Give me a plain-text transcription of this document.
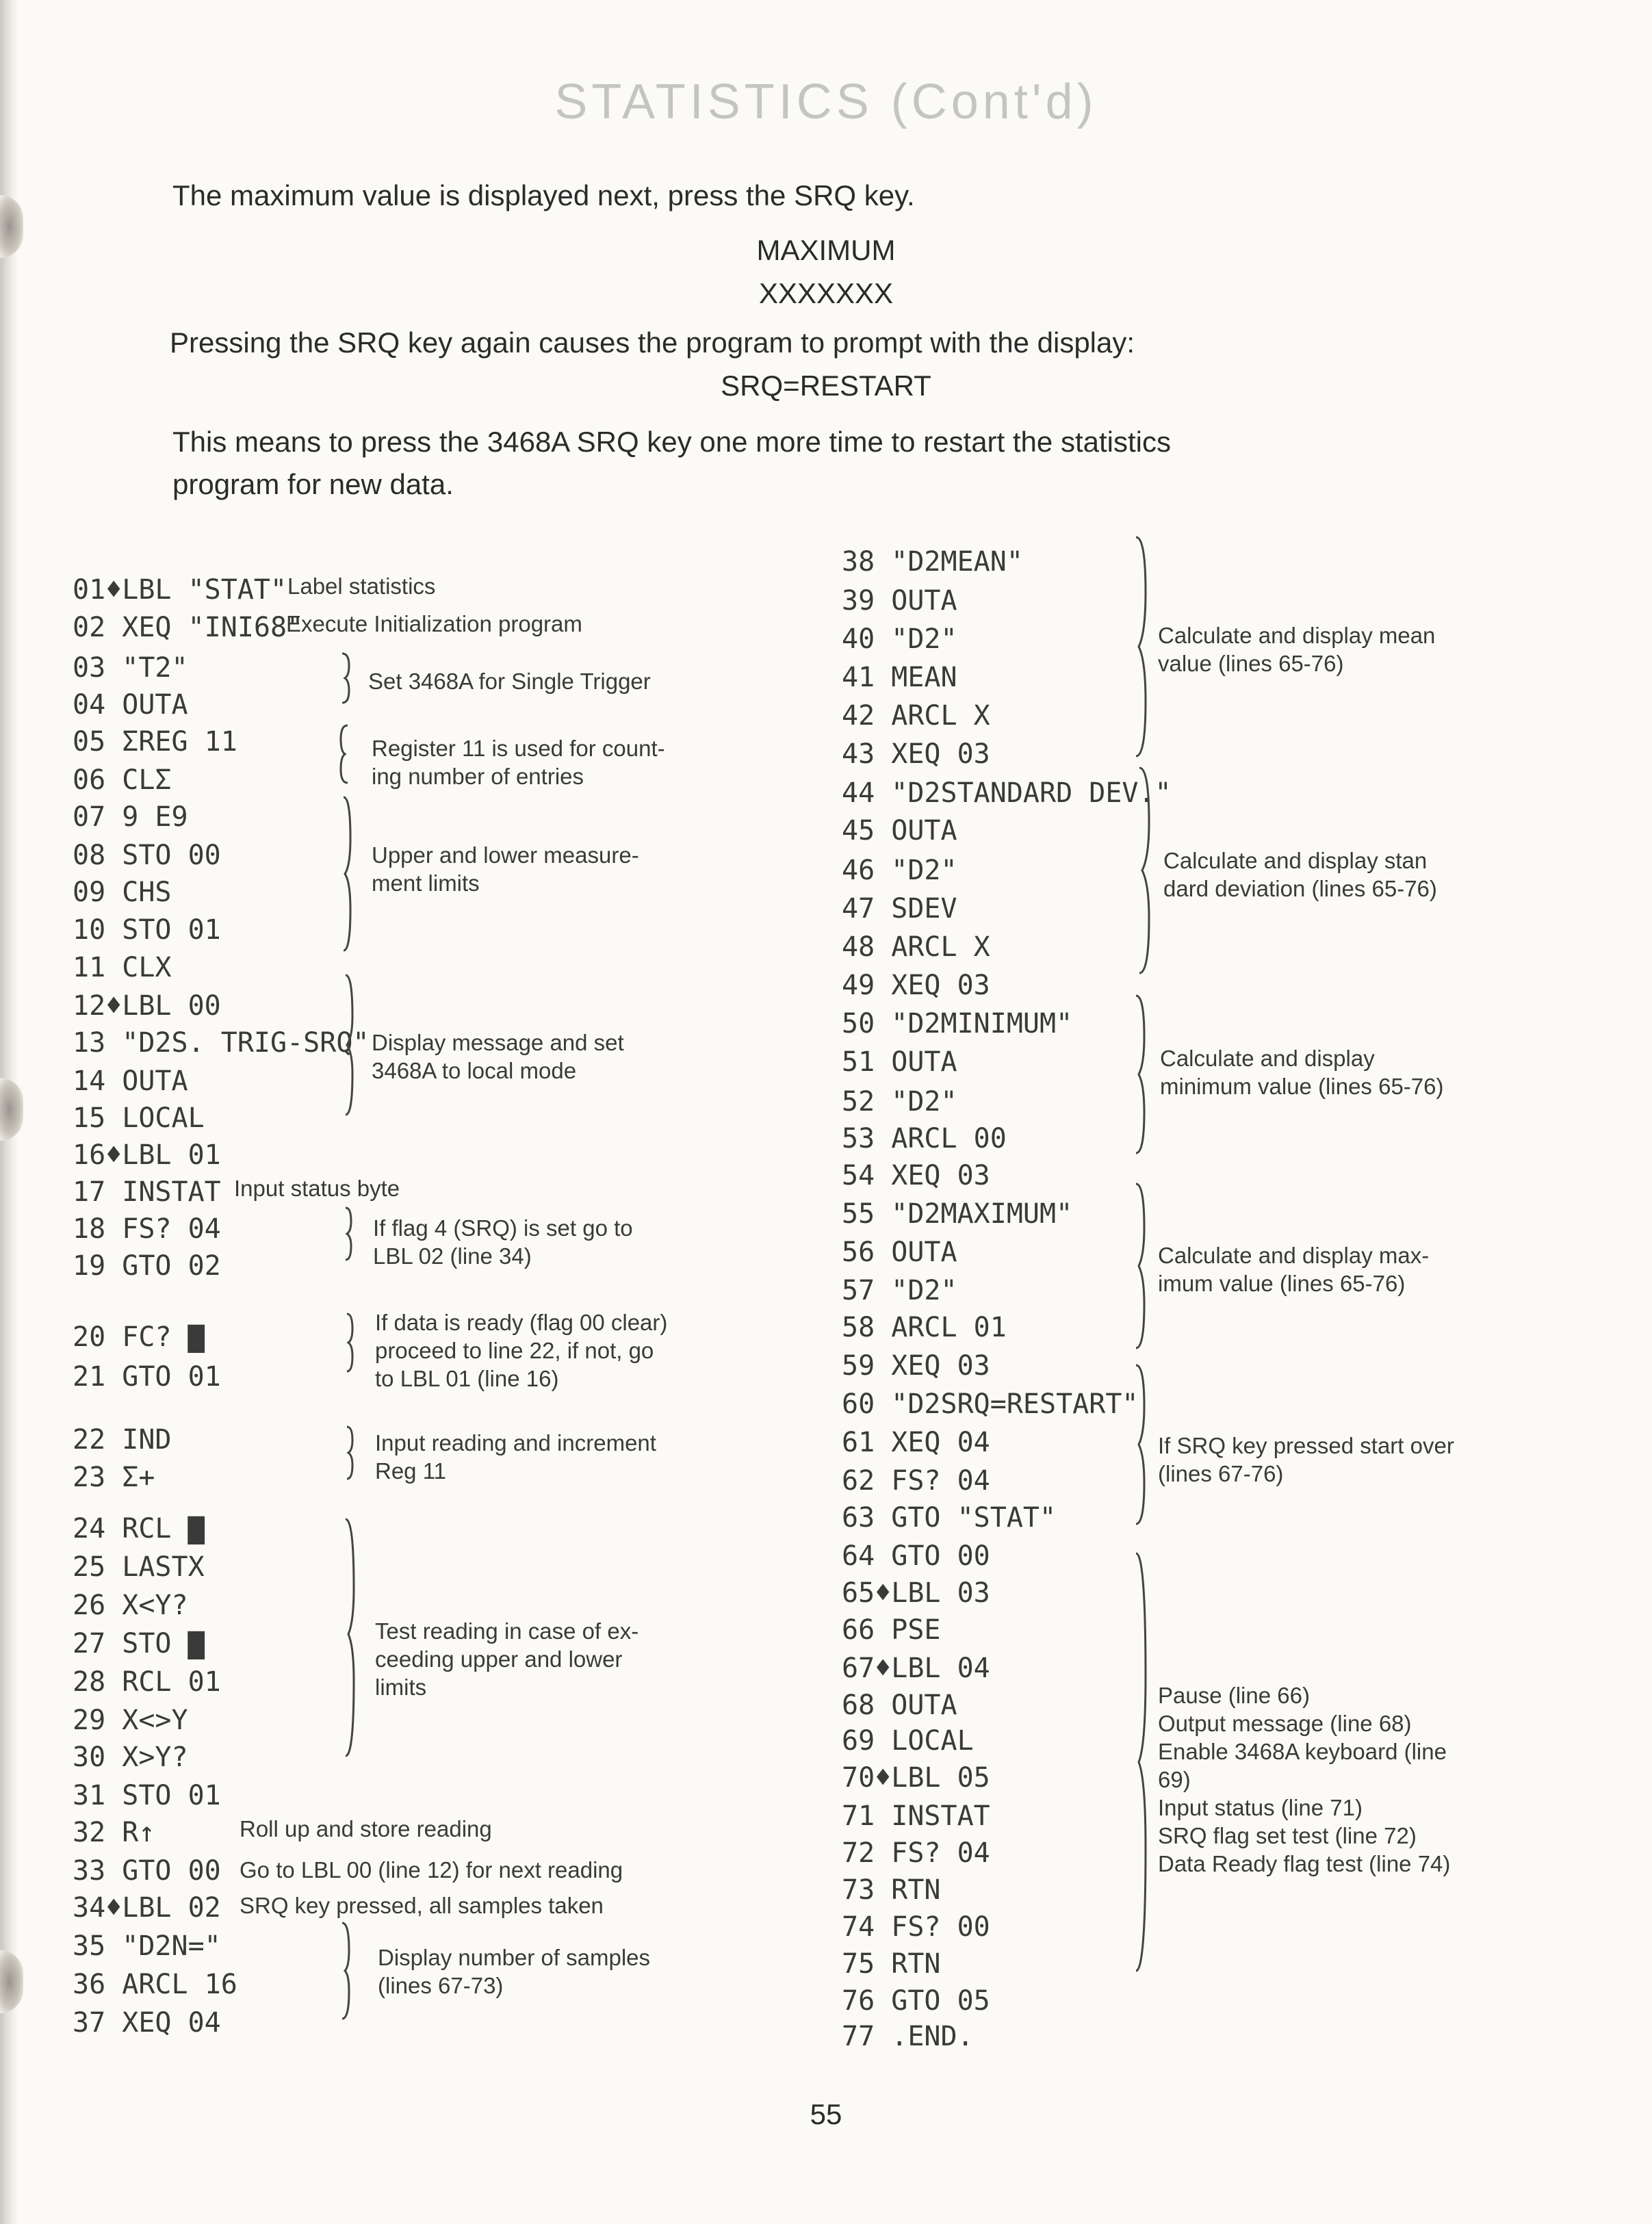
STATISTICS (Cont'd)
The maximum value is displayed next, press the SRQ key.
MAXIMUM
XXXXXXX
Pressing the SRQ key again causes the program to prompt with the display:
SRQ=RESTART
This means to press the 3468A SRQ key one more time to restart the statistics
program for new data.
01♦LBL "STAT"
02 XEQ "INI68"
03 "T2"
04 OUTA
05 ΣREG 11
06 CLΣ
07 9 E9
08 STO 00
09 CHS
10 STO 01
11 CLX
12♦LBL 00
13 "D2S. TRIG-SRQ"
14 OUTA
15 LOCAL
16♦LBL 01
17 INSTAT
18 FS? 04
19 GTO 02
20 FC? ▇
21 GTO 01
22 IND
23 Σ+
24 RCL ▇
25 LASTX
26 X<Y?
27 STO ▇
28 RCL 01
29 X<>Y
30 X>Y?
31 STO 01
32 R↑
33 GTO 00
34♦LBL 02
35 "D2N="
36 ARCL 16
37 XEQ 04
38 "D2MEAN"
39 OUTA
40 "D2"
41 MEAN
42 ARCL X
43 XEQ 03
44 "D2STANDARD DEV."
45 OUTA
46 "D2"
47 SDEV
48 ARCL X
49 XEQ 03
50 "D2MINIMUM"
51 OUTA
52 "D2"
53 ARCL 00
54 XEQ 03
55 "D2MAXIMUM"
56 OUTA
57 "D2"
58 ARCL 01
59 XEQ 03
60 "D2SRQ=RESTART"
61 XEQ 04
62 FS? 04
63 GTO "STAT"
64 GTO 00
65♦LBL 03
66 PSE
67♦LBL 04
68 OUTA
69 LOCAL
70♦LBL 05
71 INSTAT
72 FS? 04
73 RTN
74 FS? 00
75 RTN
76 GTO 05
77 .END.
Label statistics
Execute Initialization program
Input status byte
Roll up and store reading
Go to LBL 00 (line 12) for next reading
SRQ key pressed, all samples taken
Set 3468A for Single Trigger
Register 11 is used for count-
ing number of entries
Upper and lower measure-
ment limits
Display message and set
3468A to local mode
If flag 4 (SRQ) is set go to
LBL 02 (line 34)
If data is ready (flag 00 clear)
proceed to line 22, if not, go
to LBL 01 (line 16)
Input reading and increment
Reg 11
Test reading in case of ex-
ceeding upper and lower
limits
Display number of samples
(lines 67-73)
Calculate and display mean
value (lines 65-76)
Calculate and display stan
dard deviation (lines 65-76)
Calculate and display
minimum value (lines 65-76)
Calculate and display max-
imum value (lines 65-76)
If SRQ key pressed start over
(lines 67-76)
Pause (line 66)
Output message (line 68)
Enable 3468A keyboard (line
69)
Input status (line 71)
SRQ flag set test (line 72)
Data Ready flag test (line 74)
55
